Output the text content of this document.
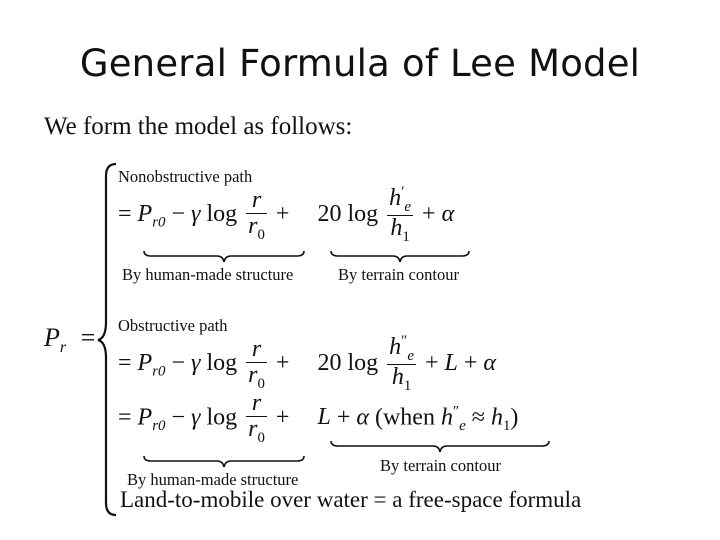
General Formula of Lee Model
We form the model as follows:
$P_r$ =
Nonobstructive path
= $P_{r0} - \gamma$ $\log \frac{r}{r_0} + 20$ $\log \frac{h'_e}{h_1} + \alpha$
By human-made structure	By terrain contour
Obstructive path
= $P_{r0} - \gamma$ $\log \frac{r}{r_0} + 20$ $\log \frac{h''_e}{h_1} + L + \alpha$
= $P_{r0} - \gamma$ $\log \frac{r}{r_0} + L + \alpha$ (when $h''_e \approx h_1$)
By terrain contour
By human-made structure
Land-to-mobile over water = a free-space formula
